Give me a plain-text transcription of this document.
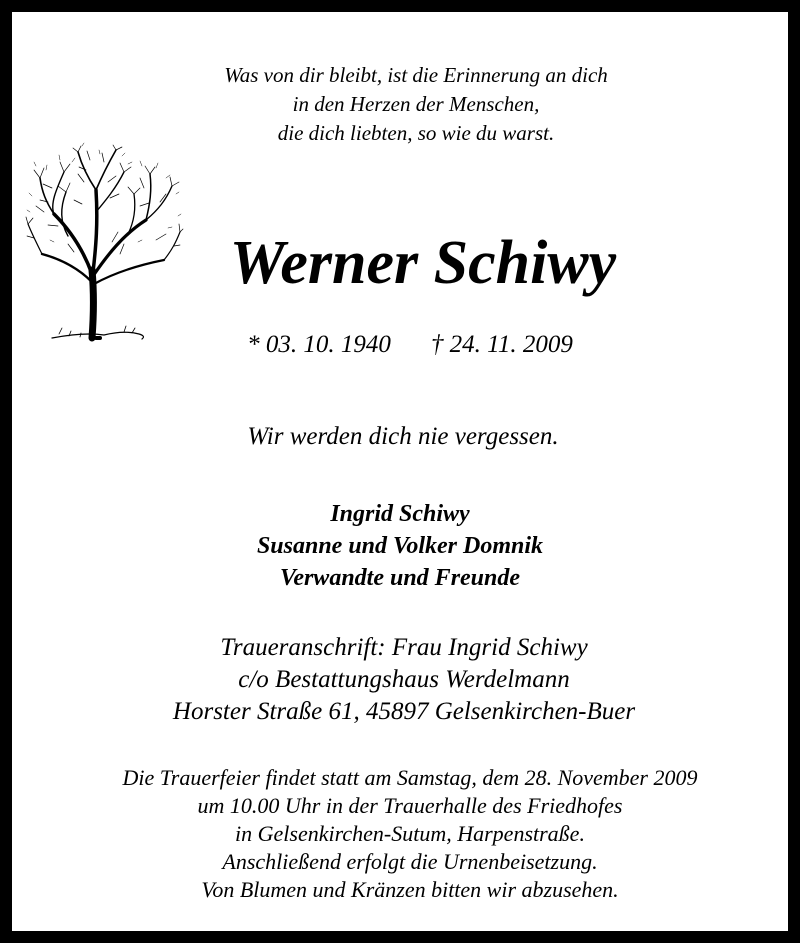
Was von dir bleibt, ist die Erinnerung an dich
in den Herzen der Menschen,
die dich liebten, so wie du warst.
Werner Schiwy
* 03. 10. 1940 † 24. 11. 2009
Wir werden dich nie vergessen.
Ingrid Schiwy
Susanne und Volker Domnik
Verwandte und Freunde
Traueranschrift: Frau Ingrid Schiwy
c/o Bestattungshaus Werdelmann
Horster Straße 61, 45897 Gelsenkirchen-Buer
Die Trauerfeier findet statt am Samstag, dem 28. November 2009
um 10.00 Uhr in der Trauerhalle des Friedhofes
in Gelsenkirchen-Sutum, Harpenstraße.
Anschließend erfolgt die Urnenbeisetzung.
Von Blumen und Kränzen bitten wir abzusehen.
